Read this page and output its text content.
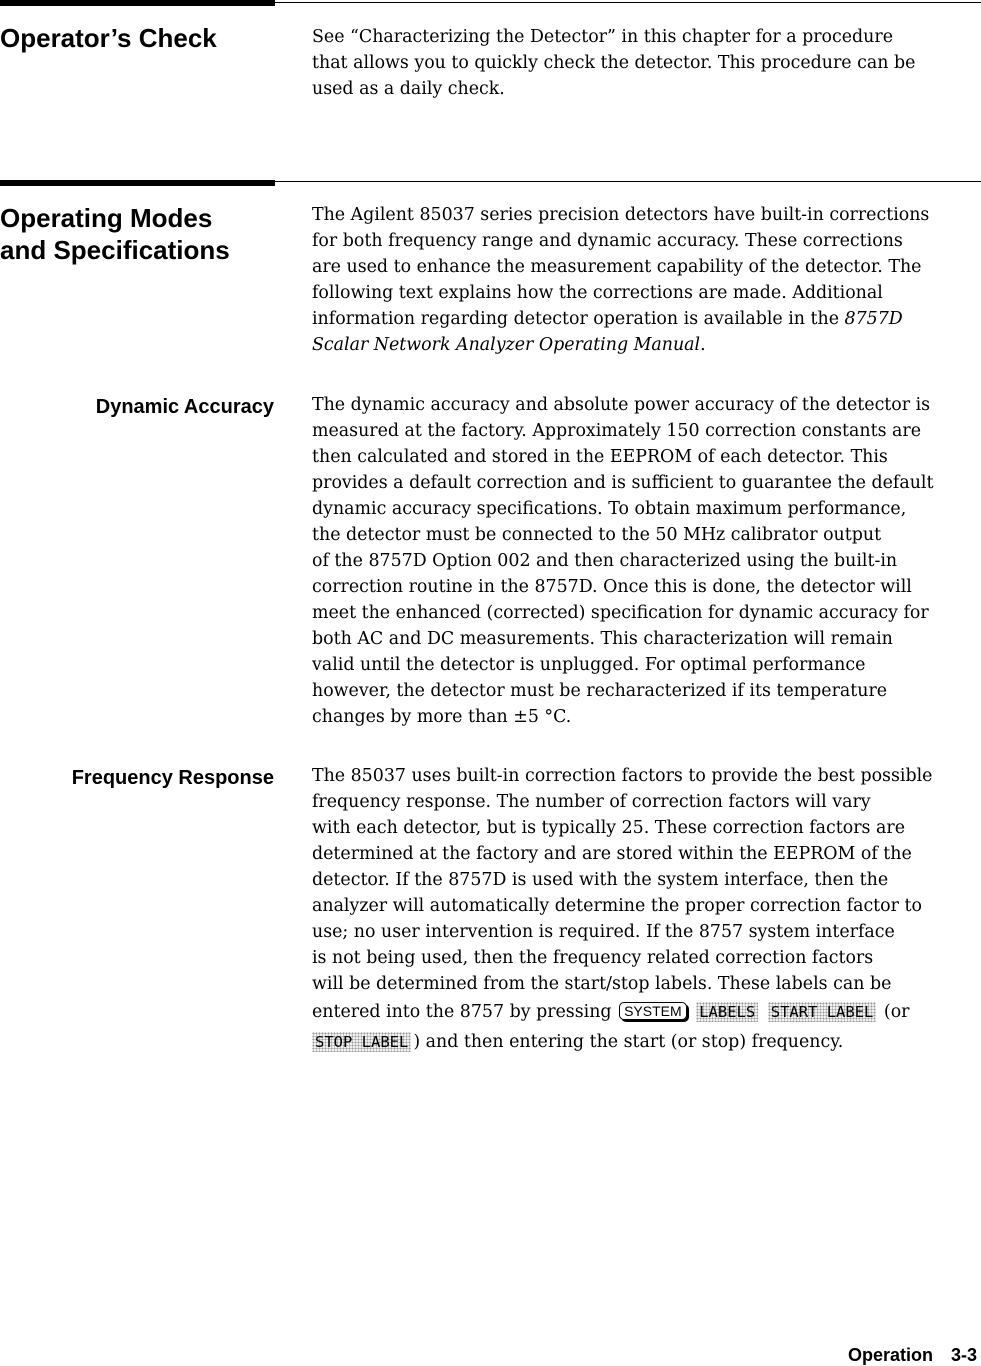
Operator’s Check	See “Characterizing the Detector” in this chapter for a procedure
that allows you to quickly check the detector. This procedure can be
used as a daily check.
Operating Modes
and Specifications
The Agilent 85037 series precision detectors have built-in corrections
for both frequency range and dynamic accuracy. These corrections
are used to enhance the measurement capability of the detector. The
following text explains how the corrections are made. Additional
information regarding detector operation is available in the 8757D
Scalar Network Analyzer Operating Manual.
Dynamic Accuracy The dynamic accuracy and absolute power accuracy of the detector is
measured at the factory. Approximately 150 correction constants are
then calculated and stored in the EEPROM of each detector. This
provides a default correction and is sufficient to guarantee the default
dynamic accuracy specifications. To obtain maximum performance,
the detector must be connected to the 50 MHz calibrator output
of the 8757D Option 002 and then characterized using the built-in
correction routine in the 8757D. Once this is done, the detector will
meet the enhanced (corrected) specification for dynamic accuracy for
both AC and DC measurements. This characterization will remain
valid until the detector is unplugged. For optimal performance
however, the detector must be recharacterized if its temperature
changes by more than ±5 °C.
Frequency Response The 85037 uses built-in correction factors to provide the best possible
frequency response. The number of correction factors will vary
with each detector, but is typically 25. These correction factors are
determined at the factory and are stored within the EEPROM of the
detector. If the 8757D is used with the system interface, then the
analyzer will automatically determine the proper correction factor to
use; no user intervention is required. If the 8757 system interface
is not being used, then the frequency related correction factors
will be determined from the start/stop labels. These labels can be
entered into the 8757 by pressing SYSTEM LABELS START LABEL (or
STOP LABEL ) and then entering the start (or stop) frequency.
Operation 3-3
